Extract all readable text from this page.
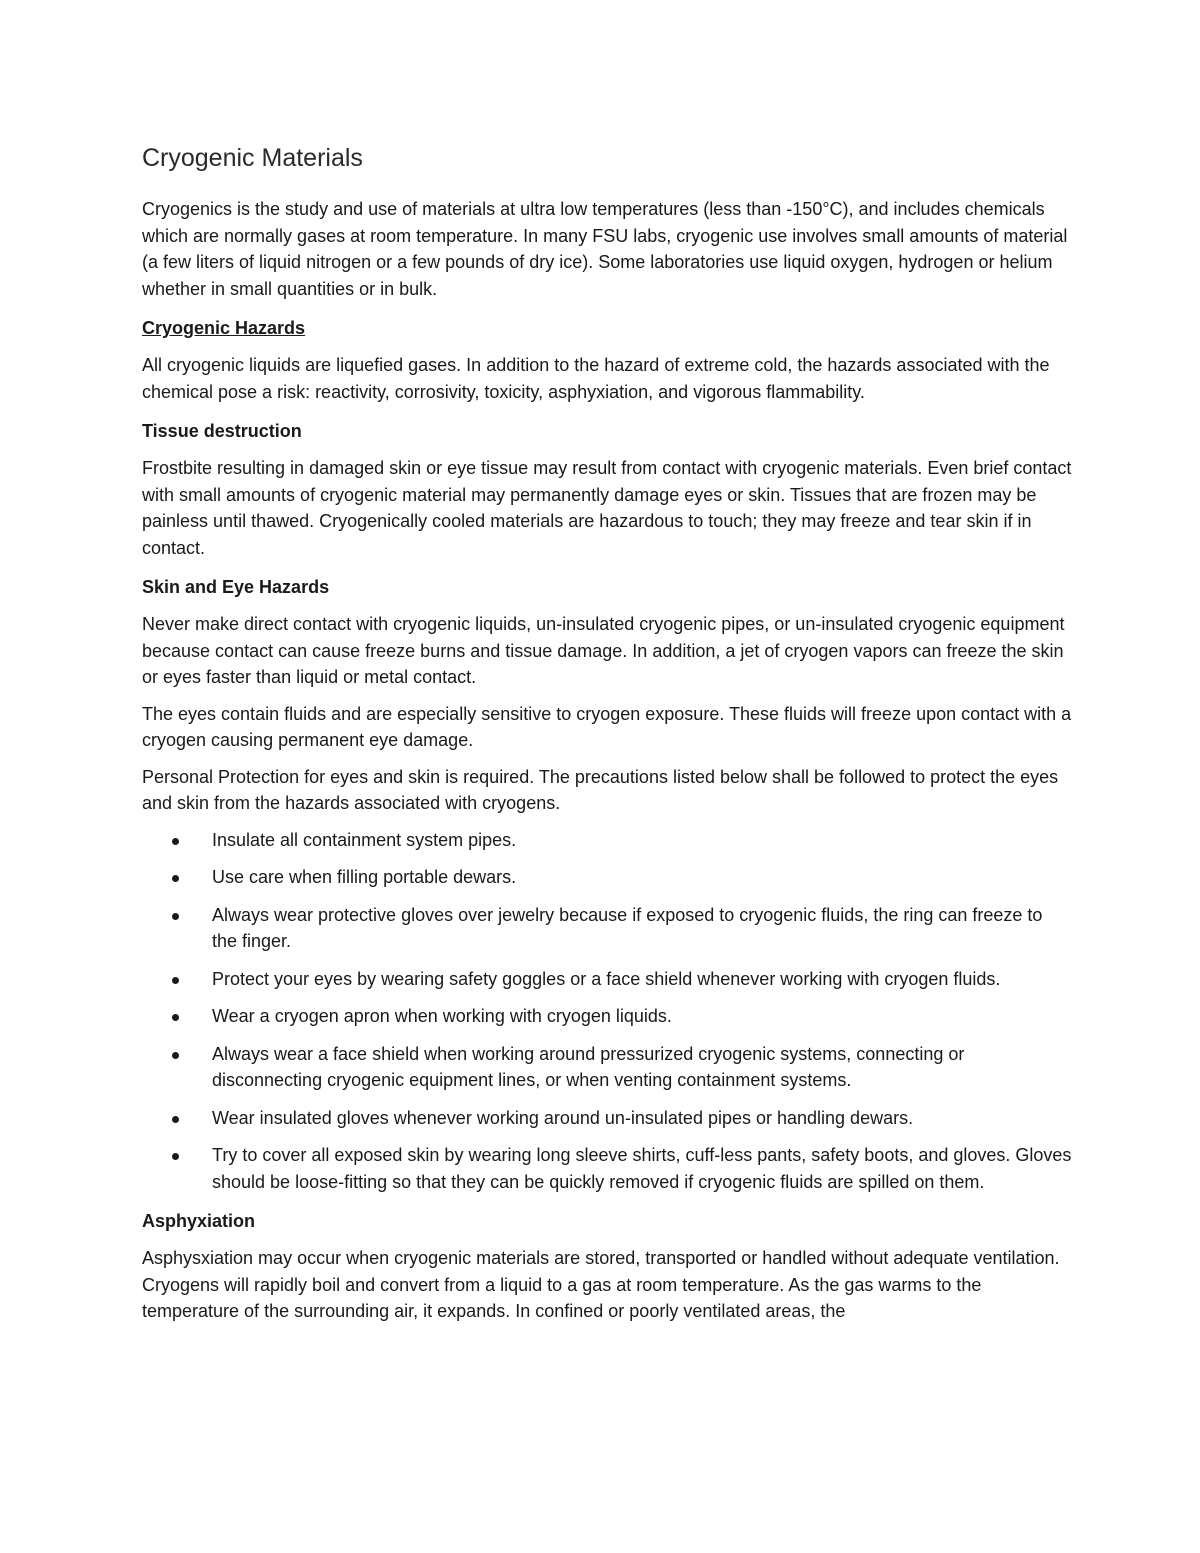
Cryogenic Materials

Cryogenics is the study and use of materials at ultra low temperatures (less than -150°C), and includes chemicals which are normally gases at room temperature. In many FSU labs, cryogenic use involves small amounts of material (a few liters of liquid nitrogen or a few pounds of dry ice). Some laboratories use liquid oxygen, hydrogen or helium whether in small quantities or in bulk.

Cryogenic Hazards

All cryogenic liquids are liquefied gases. In addition to the hazard of extreme cold, the hazards associated with the chemical pose a risk: reactivity, corrosivity, toxicity, asphyxiation, and vigorous flammability.

Tissue destruction

Frostbite resulting in damaged skin or eye tissue may result from contact with cryogenic materials. Even brief contact with small amounts of cryogenic material may permanently damage eyes or skin. Tissues that are frozen may be painless until thawed. Cryogenically cooled materials are hazardous to touch; they may freeze and tear skin if in contact.

Skin and Eye Hazards

Never make direct contact with cryogenic liquids, un-insulated cryogenic pipes, or un-insulated cryogenic equipment because contact can cause freeze burns and tissue damage. In addition, a jet of cryogen vapors can freeze the skin or eyes faster than liquid or metal contact.

The eyes contain fluids and are especially sensitive to cryogen exposure. These fluids will freeze upon contact with a cryogen causing permanent eye damage.

Personal Protection for eyes and skin is required. The precautions listed below shall be followed to protect the eyes and skin from the hazards associated with cryogens.

Insulate all containment system pipes.
Use care when filling portable dewars.
Always wear protective gloves over jewelry because if exposed to cryogenic fluids, the ring can freeze to the finger.
Protect your eyes by wearing safety goggles or a face shield whenever working with cryogen fluids.
Wear a cryogen apron when working with cryogen liquids.
Always wear a face shield when working around pressurized cryogenic systems, connecting or disconnecting cryogenic equipment lines, or when venting containment systems.
Wear insulated gloves whenever working around un-insulated pipes or handling dewars.
Try to cover all exposed skin by wearing long sleeve shirts, cuff-less pants, safety boots, and gloves. Gloves should be loose-fitting so that they can be quickly removed if cryogenic fluids are spilled on them.
Asphyxiation

Asphysxiation may occur when cryogenic materials are stored, transported or handled without adequate ventilation. Cryogens will rapidly boil and convert from a liquid to a gas at room temperature. As the gas warms to the temperature of the surrounding air, it expands. In confined or poorly ventilated areas, the
